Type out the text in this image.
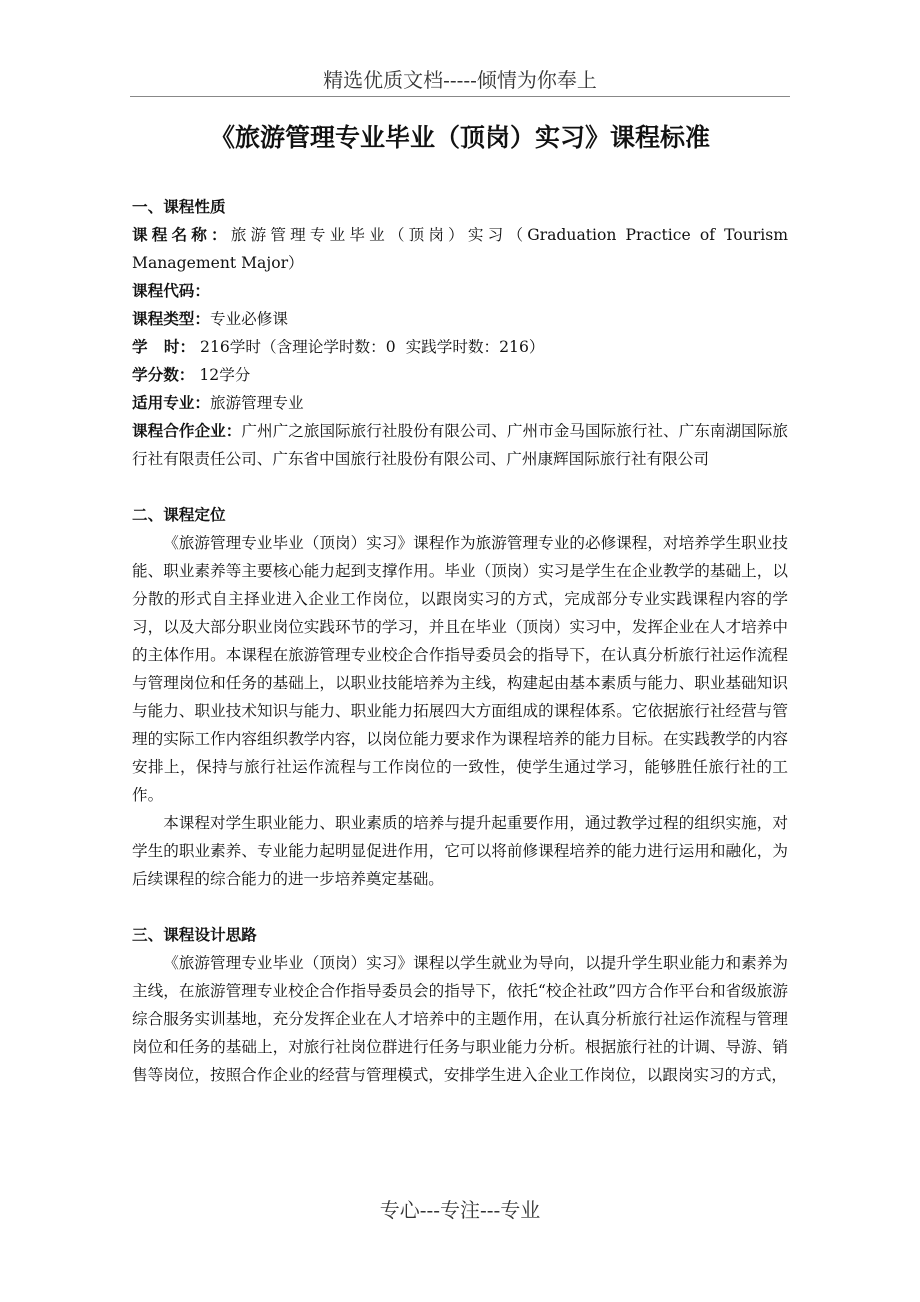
精选优质文档-----倾情为你奉上
《旅游管理专业毕业（顶岗）实习》课程标准
一、课程性质

课程名称：旅游管理专业毕业（顶岗）实习（Graduation Practice of Tourism Management Major）

课程代码：

课程类型：专业必修课

学   时： 216学时（含理论学时数：0  实践学时数：216）

学分数： 12学分

适用专业：旅游管理专业

课程合作企业：广州广之旅国际旅行社股份有限公司、广州市金马国际旅行社、广东南湖国际旅行社有限责任公司、广东省中国旅行社股份有限公司、广州康辉国际旅行社有限公司

二、课程定位

《旅游管理专业毕业（顶岗）实习》课程作为旅游管理专业的必修课程，对培养学生职业技能、职业素养等主要核心能力起到支撑作用。毕业（顶岗）实习是学生在企业教学的基础上，以分散的形式自主择业进入企业工作岗位，以跟岗实习的方式，完成部分专业实践课程内容的学习，以及大部分职业岗位实践环节的学习，并且在毕业（顶岗）实习中，发挥企业在人才培养中的主体作用。本课程在旅游管理专业校企合作指导委员会的指导下，在认真分析旅行社运作流程与管理岗位和任务的基础上，以职业技能培养为主线，构建起由基本素质与能力、职业基础知识与能力、职业技术知识与能力、职业能力拓展四大方面组成的课程体系。它依据旅行社经营与管理的实际工作内容组织教学内容，以岗位能力要求作为课程培养的能力目标。在实践教学的内容安排上，保持与旅行社运作流程与工作岗位的一致性，使学生通过学习，能够胜任旅行社的工作。

本课程对学生职业能力、职业素质的培养与提升起重要作用，通过教学过程的组织实施，对学生的职业素养、专业能力起明显促进作用，它可以将前修课程培养的能力进行运用和融化，为后续课程的综合能力的进一步培养奠定基础。

三、课程设计思路

《旅游管理专业毕业（顶岗）实习》课程以学生就业为导向，以提升学生职业能力和素养为主线，在旅游管理专业校企合作指导委员会的指导下，依托“校企社政”四方合作平台和省级旅游综合服务实训基地，充分发挥企业在人才培养中的主题作用，在认真分析旅行社运作流程与管理岗位和任务的基础上，对旅行社岗位群进行任务与职业能力分析。根据旅行社的计调、导游、销售等岗位，按照合作企业的经营与管理模式，安排学生进入企业工作岗位，以跟岗实习的方式，

专心---专注---专业
